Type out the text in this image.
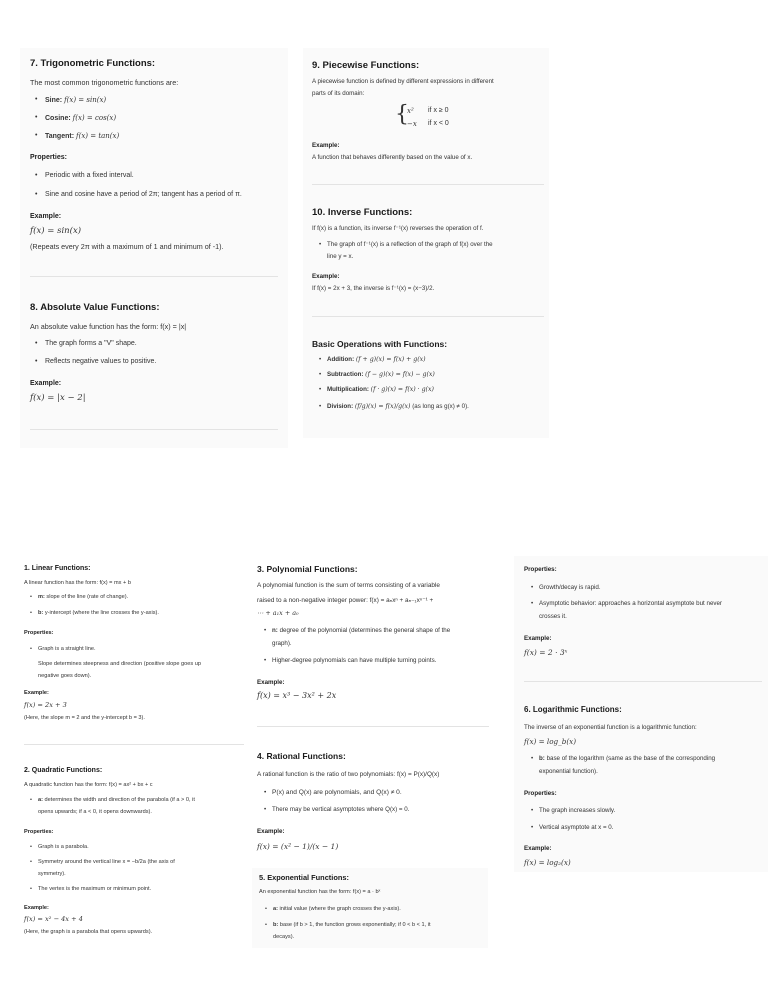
7. Trigonometric Functions:
The most common trigonometric functions are:
• Sine: f(x) = sin(x)
• Cosine: f(x) = cos(x)
• Tangent: f(x) = tan(x)
Properties:
• Periodic with a fixed interval.
• Sine and cosine have a period of 2π; tangent has a period of π.
Example:
f(x) = sin(x)
(Repeats every 2π with a maximum of 1 and minimum of -1).
8. Absolute Value Functions:
An absolute value function has the form: f(x) = |x|
• The graph forms a "V" shape.
• Reflects negative values to positive.
Example:
f(x) = |x − 2|
9. Piecewise Functions:
A piecewise function is defined by different expressions in different
parts of its domain:
{
x² if x ≥ 0
−x if x < 0
Example:
A function that behaves differently based on the value of x.
10. Inverse Functions:
If f(x) is a function, its inverse f⁻¹(x) reverses the operation of f.
• The graph of f⁻¹(x) is a reflection of the graph of f(x) over the
line y = x.
Example:
If f(x) = 2x + 3, the inverse is f⁻¹(x) = (x−3)/2.
Basic Operations with Functions:
• Addition: (f + g)(x) = f(x) + g(x)
• Subtraction: (f − g)(x) = f(x) − g(x)
• Multiplication: (f · g)(x) = f(x) · g(x)
• Division: (f/g)(x) = f(x)/g(x) (as long as g(x) ≠ 0).
1. Linear Functions:
A linear function has the form: f(x) = mx + b
• m: slope of the line (rate of change).
• b: y-intercept (where the line crosses the y-axis).
Properties:
• Graph is a straight line.
• Slope determines steepness and direction (positive slope goes up
negative goes down).
Example:
f(x) = 2x + 3
(Here, the slope m = 2 and the y-intercept b = 3).
2. Quadratic Functions:
A quadratic function has the form: f(x) = ax² + bx + c
• a: determines the width and direction of the parabola (if a > 0, it
opens upwards; if a < 0, it opens downwards).
Properties:
• Graph is a parabola.
• Symmetry around the vertical line x = −b/2a (the axis of
symmetry).
• The vertex is the maximum or minimum point.
Example:
f(x) = x² − 4x + 4
(Here, the graph is a parabola that opens upwards).
3. Polynomial Functions:
A polynomial function is the sum of terms consisting of a variable
raised to a non-negative integer power: f(x) = aₙxⁿ + aₙ₋₁xⁿ⁻¹ +
⋯ + a₁x + a₀
• n: degree of the polynomial (determines the general shape of the
graph).
• Higher-degree polynomials can have multiple turning points.
Example:
f(x) = x³ − 3x² + 2x
4. Rational Functions:
A rational function is the ratio of two polynomials: f(x) = P(x)/Q(x)
• P(x) and Q(x) are polynomials, and Q(x) ≠ 0.
• There may be vertical asymptotes where Q(x) = 0.
Example:
f(x) = (x² − 1)/(x − 1)
5. Exponential Functions:
An exponential function has the form: f(x) = a · bˣ
• a: initial value (where the graph crosses the y-axis).
• b: base (if b > 1, the function grows exponentially; if 0 < b < 1, it
decays).
Properties:
• Growth/decay is rapid.
• Asymptotic behavior: approaches a horizontal asymptote but never
crosses it.
Example:
f(x) = 2 · 3ˣ
6. Logarithmic Functions:
The inverse of an exponential function is a logarithmic function:
f(x) = log_b(x)
• b: base of the logarithm (same as the base of the corresponding
exponential function).
Properties:
• The graph increases slowly.
• Vertical asymptote at x = 0.
Example:
f(x) = log₂(x)
